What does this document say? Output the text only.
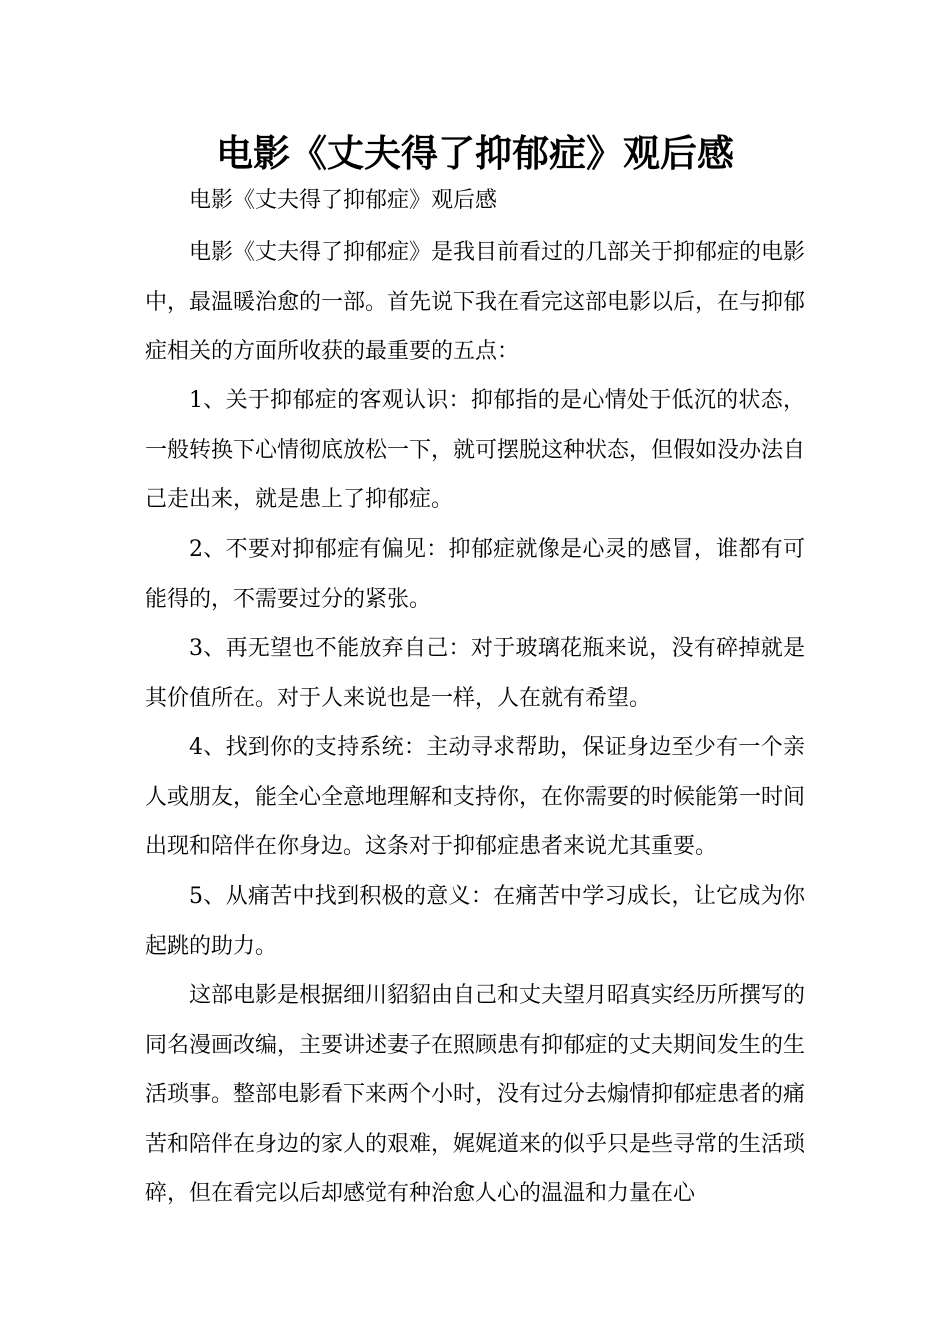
电影《丈夫得了抑郁症》观后感

电影《丈夫得了抑郁症》观后感

电影《丈夫得了抑郁症》是我目前看过的几部关于抑郁症的电影中，最温暖治愈的一部。首先说下我在看完这部电影以后，在与抑郁症相关的方面所收获的最重要的五点：

1、关于抑郁症的客观认识：抑郁指的是心情处于低沉的状态，一般转换下心情彻底放松一下，就可摆脱这种状态，但假如没办法自己走出来，就是患上了抑郁症。

2、不要对抑郁症有偏见：抑郁症就像是心灵的感冒，谁都有可能得的，不需要过分的紧张。

3、再无望也不能放弃自己：对于玻璃花瓶来说，没有碎掉就是其价值所在。对于人来说也是一样，人在就有希望。

4、找到你的支持系统：主动寻求帮助，保证身边至少有一个亲人或朋友，能全心全意地理解和支持你，在你需要的时候能第一时间出现和陪伴在你身边。这条对于抑郁症患者来说尤其重要。

5、从痛苦中找到积极的意义：在痛苦中学习成长，让它成为你起跳的助力。

这部电影是根据细川貂貂由自己和丈夫望月昭真实经历所撰写的同名漫画改编，主要讲述妻子在照顾患有抑郁症的丈夫期间发生的生活琐事。整部电影看下来两个小时，没有过分去煽情抑郁症患者的痛苦和陪伴在身边的家人的艰难，娓娓道来的似乎只是些寻常的生活琐碎，但在看完以后却感觉有种治愈人心的温温和力量在心
